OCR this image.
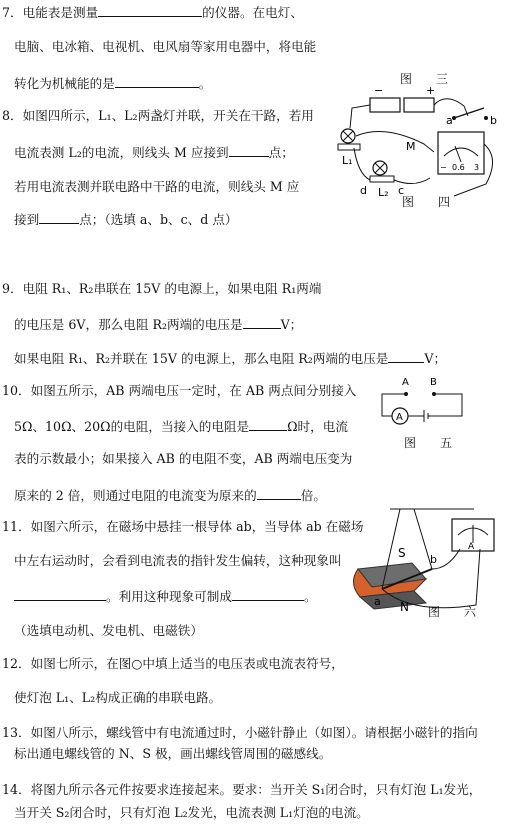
7．电能表是测量	的仪器。在电灯、
电脑、电冰箱、电视机、电风扇等家用电器中，将电能
转化为机械能的是	。	图　三
8．如图四所示，L₁、L₂两盏灯并联，开关在干路，若用
电流表测 L₂的电流，则线头 M 应接到	点；
若用电流表测并联电路中干路的电流，则线头 M 应
接到	点；（选填 a、b、c、d 点）
−	+
a	b
L₁
L₂
d	c
M
− 0.6 3
图　四
9．电阻 R₁、R₂串联在 15V 的电源上，如果电阻 R₁两端
的电压是 6V，那么电阻 R₂两端的电压是	V；
如果电阻 R₁、R₂并联在 15V 的电源上，那么电阻 R₂两端的电压是	V；
10．如图五所示，AB 两端电压一定时，在 AB 两点间分别接入
5Ω、10Ω、20Ω的电阻，当接入的电阻是	Ω时，电流
表的示数最小；如果接入 AB 的电阻不变，AB 两端电压变为
原来的 2 倍，则通过电阻的电流变为原来的	倍。
A B
A
图　五
11．如图六所示，在磁场中悬挂一根导体 ab，当导体 ab 在磁场
中左右运动时，会看到电流表的指针发生偏转，这种现象叫
。利用这种现象可制成	。
（选填电动机、发电机、电磁铁）
S
N
a
b
A
图　六
12．如图七所示，在图○中填上适当的电压表或电流表符号，
使灯泡 L₁、L₂构成正确的串联电路。
13．如图八所示，螺线管中有电流通过时，小磁针静止（如图）。请根据小磁针的指向
标出通电螺线管的 N、S 极，画出螺线管周围的磁感线。
14．将图九所示各元件按要求连接起来。要求：当开关 S₁闭合时，只有灯泡 L₁发光，
当开关 S₂闭合时，只有灯泡 L₂发光，电流表测 L₁灯泡的电流。
